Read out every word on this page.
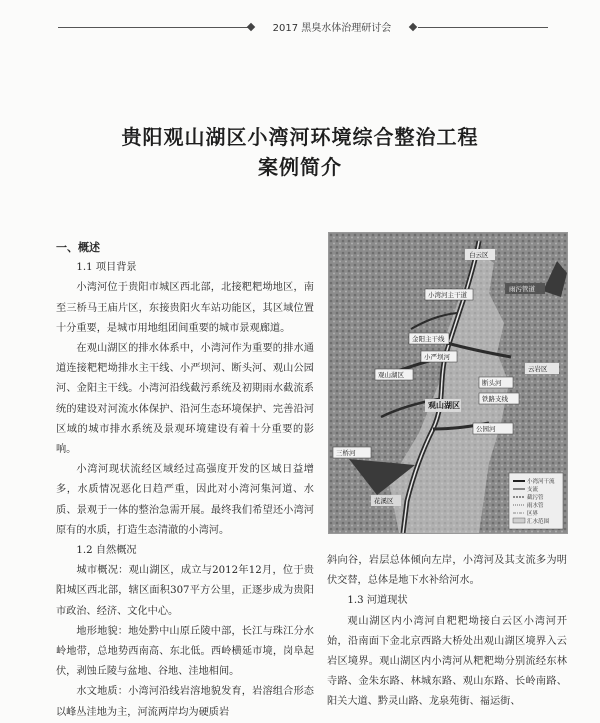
2017 黑臭水体治理研讨会
贵阳观山湖区小湾河环境综合整治工程
案例简介

一、概述

1.1 项目背景

小湾河位于贵阳市城区西北部，北接粑粑坳地区，南至三桥马王庙片区，东接贵阳火车站功能区，其区域位置十分重要，是城市用地组团间重要的城市景观廊道。

在观山湖区的排水体系中，小湾河作为重要的排水通道连接粑粑坳排水主干线、小严坝河、断头河、观山公园河、金阳主干线。小湾河沿线截污系统及初期雨水截流系统的建设对河流水体保护、沿河生态环境保护、完善沿河区域的城市排水系统及景观环境建设有着十分重要的影响。

小湾河现状流经区域经过高强度开发的区域日益增多，水质情况恶化日趋严重，因此对小湾河集河道、水质、景观于一体的整治急需开展。最终我们希望还小湾河原有的水质，打造生态清澈的小湾河。

1.2 自然概况

城市概况：观山湖区，成立与2012年12月，位于贵阳城区西北部，辖区面积307平方公里，正逐步成为贵阳市政治、经济、文化中心。

地形地貌：地处黔中山原丘陵中部，长江与珠江分水岭地带，总地势西南高、东北低。西岭横延市境，岗阜起伏，剥蚀丘陵与盆地、谷地、洼地相间。

水文地质：小湾河沿线岩溶地貌发育，岩溶组合形态以峰丛洼地为主，河流两岸均为硬质岩

白云区
雨污管道
小湾河主干道
金阳主干线
小严坝河
云岩区
观山湖区
断头河
铁路支线
公园河
三桥河
观山湖区
花溪区
小湾河干流
支流
截污管
雨水管
区界
汇水范围

斜向谷，岩层总体倾向左岸，小湾河及其支流多为明伏交替，总体是地下水补给河水。

1.3 河道现状

观山湖区内小湾河自粑粑坳接白云区小湾河开始，沿南面下金北京西路大桥处出观山湖区境界入云岩区境界。观山湖区内小湾河从粑粑坳分别流经东林寺路、金朱东路、林城东路、观山东路、长岭南路、阳关大道、黔灵山路、龙泉苑街、福运街、
